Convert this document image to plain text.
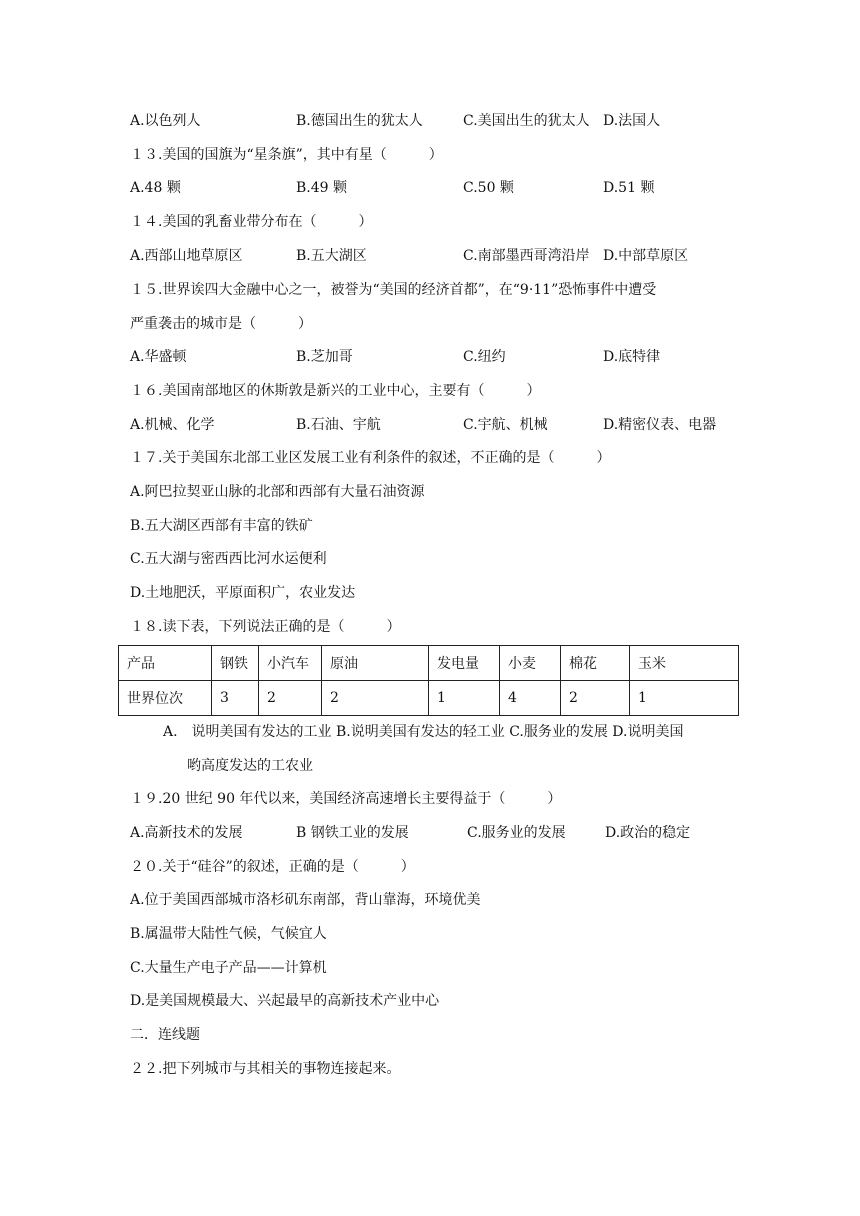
A.以色列人	B.德国出生的犹太人	C.美国出生的犹太人 D.法国人
１３.美国的国旗为“星条旗”，其中有星（　　　）
A.48 颗	B.49 颗	C.50 颗	D.51 颗
１４.美国的乳畜业带分布在（　　　）
A.西部山地草原区	B.五大湖区	C.南部墨西哥湾沿岸 D.中部草原区
１５.世界诶四大金融中心之一，被誉为“美国的经济首都”，在“9·11”恐怖事件中遭受
严重袭击的城市是（　　　）
A.华盛顿	B.芝加哥	C.纽约	D.底特律
１６.美国南部地区的休斯敦是新兴的工业中心，主要有（　　　）
A.机械、化学	B.石油、宇航	C.宇航、机械	D.精密仪表、电器
１７.关于美国东北部工业区发展工业有利条件的叙述，不正确的是（　　　）
A.阿巴拉契亚山脉的北部和西部有大量石油资源
B.五大湖区西部有丰富的铁矿
C.五大湖与密西西比河水运便利
D.土地肥沃，平原面积广，农业发达
１８.读下表，下列说法正确的是（　　　）
产品	钢铁	小汽车	原油	发电量	小麦	棉花	玉米
世界位次	3	2	2	1	4	2	1
A.　说明美国有发达的工业 B.说明美国有发达的轻工业 C.服务业的发展 D.说明美国
哟高度发达的工农业
１９.20 世纪 90 年代以来，美国经济高速增长主要得益于（　　　）
A.高新技术的发展	B 钢铁工业的发展	C.服务业的发展	D.政治的稳定
２０.关于“硅谷”的叙述，正确的是（　　　）
A.位于美国西部城市洛杉矶东南部，背山靠海，环境优美
B.属温带大陆性气候，气候宜人
C.大量生产电子产品——计算机
D.是美国规模最大、兴起最早的高新技术产业中心
二．连线题
２２.把下列城市与其相关的事物连接起来。
